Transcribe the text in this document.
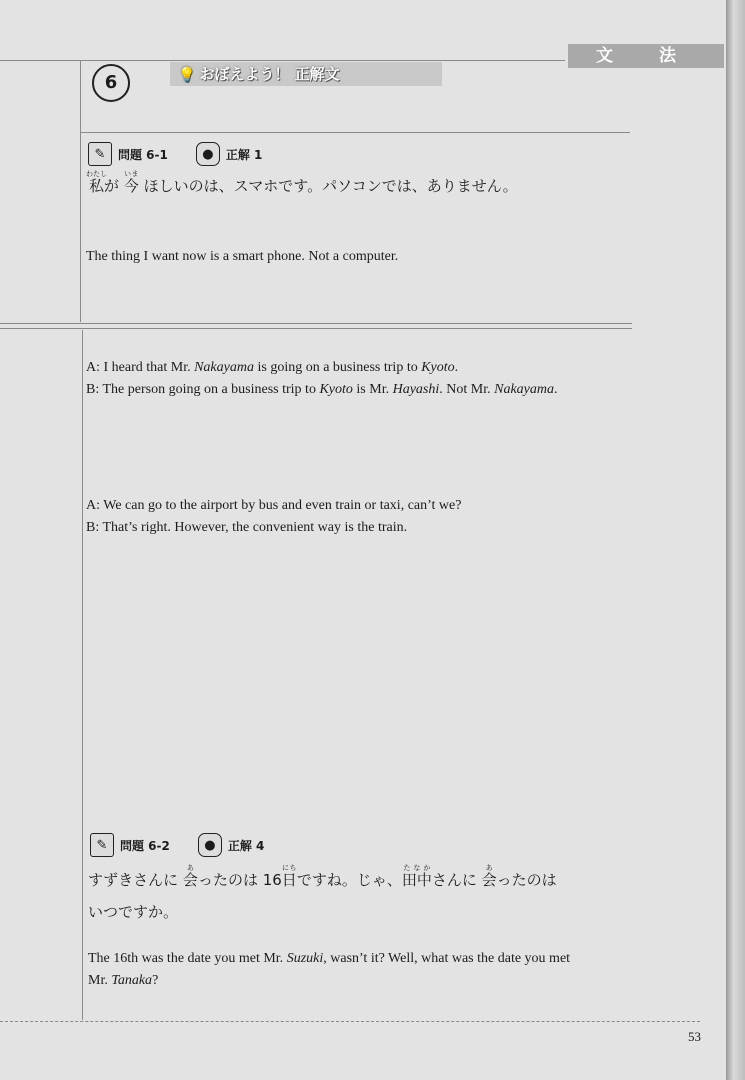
文 法
6	💡 おぼえよう！ 正解文
✎	問題 6-1	●	正解 1
私わたしが 今いま ほしいのは、スマホです。パソコンでは、ありません。
The thing I want now is a smart phone. Not a computer.
A: I heard that Mr. Nakayama is going on a business trip to Kyoto.
B: The person going on a business trip to Kyoto is Mr. Hayashi. Not Mr. Nakayama.
A: We can go to the airport by bus and even train or taxi, can’t we?
B: That’s right. However, the convenient way is the train.
✎	問題 6-2	●	正解 4
すずきさんに 会あったのは 16日にちですね。じゃ、田中たなかさんに 会あったのは
いつですか。
The 16th was the date you met Mr. Suzuki, wasn’t it? Well, what was the date you met
Mr. Tanaka?
53
